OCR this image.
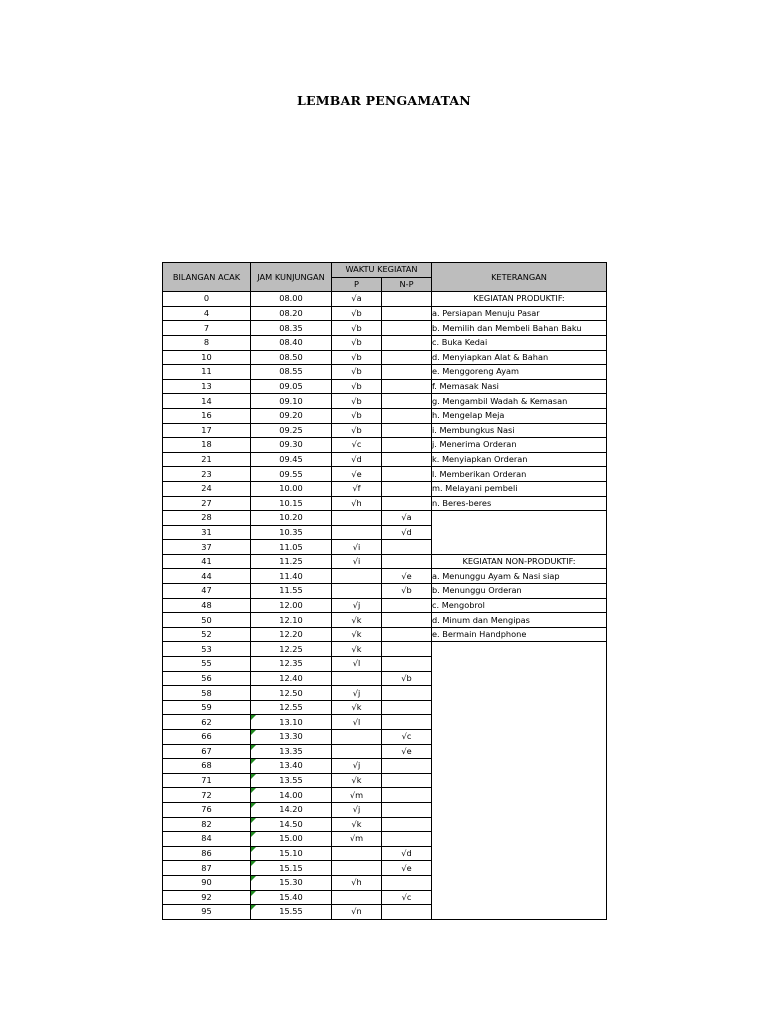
LEMBAR PENGAMATAN
BILANGAN ACAK	JAM KUNJUNGAN	WAKTU KEGIATAN		KETERANGAN
		P	N-P	
0	08.00	√a		KEGIATAN PRODUKTIF:
4	08.20	√b		a. Persiapan Menuju Pasar
7	08.35	√b		b. Memilih dan Membeli Bahan Baku
8	08.40	√b		c. Buka Kedai
10	08.50	√b		d. Menyiapkan Alat & Bahan
11	08.55	√b		e. Menggoreng Ayam
13	09.05	√b		f. Memasak Nasi
14	09.10	√b		g. Mengambil Wadah & Kemasan
16	09.20	√b		h. Mengelap Meja
17	09.25	√b		i. Membungkus Nasi
18	09.30	√c		j. Menerima Orderan
21	09.45	√d		k. Menyiapkan Orderan
23	09.55	√e		l. Memberikan Orderan
24	10.00	√f		m. Melayani pembeli
27	10.15	√h		n. Beres-beres
28	10.20		√a	
31	10.35		√d	
37	11.05	√i		
41	11.25	√i		KEGIATAN NON-PRODUKTIF:
44	11.40		√e	a. Menunggu Ayam & Nasi siap
47	11.55		√b	b. Menunggu Orderan
48	12.00	√j		c. Mengobrol
50	12.10	√k		d. Minum dan Mengipas
52	12.20	√k		e. Bermain Handphone
53	12.25	√k		
55	12.35	√l		
56	12.40		√b	
58	12.50	√j		
59	12.55	√k		
62	13.10	√l		
66	13.30		√c	
67	13.35		√e	
68	13.40	√j		
71	13.55	√k		
72	14.00	√m		
76	14.20	√j		
82	14.50	√k		
84	15.00	√m		
86	15.10		√d	
87	15.15		√e	
90	15.30	√h		
92	15.40		√c	
95	15.55	√n		
